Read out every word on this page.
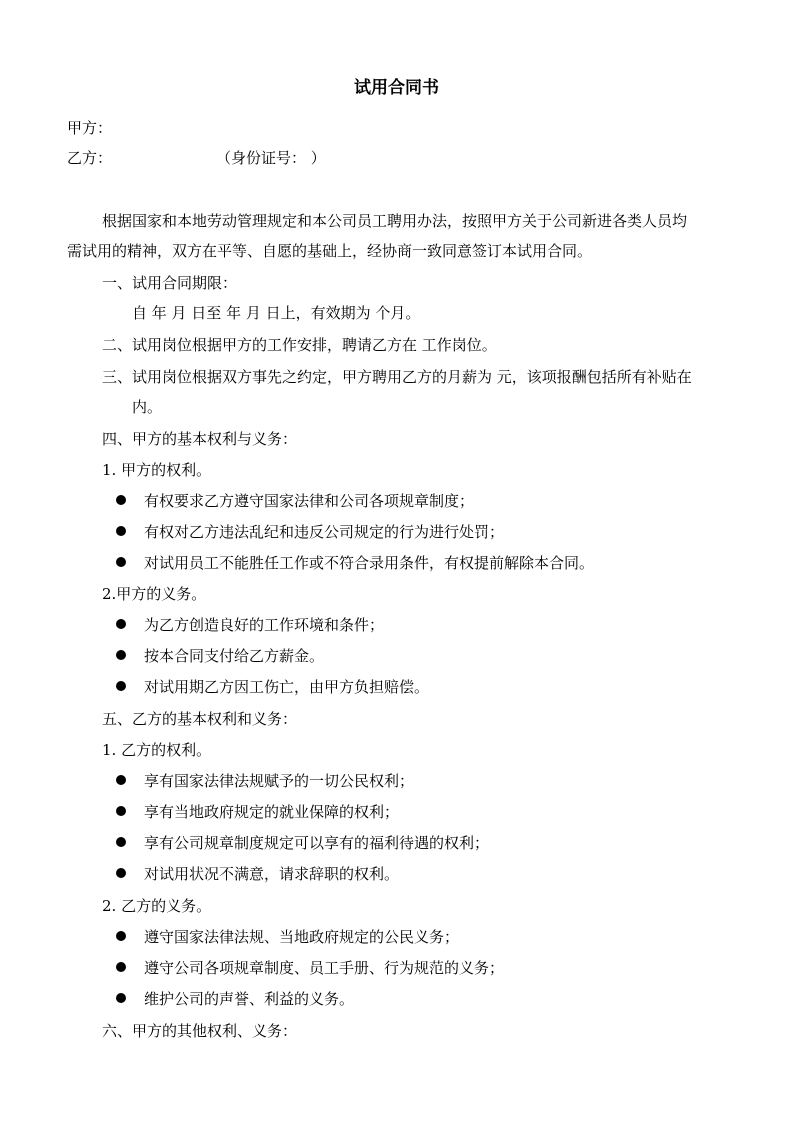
试用合同书
甲方：
乙方：	（身份证号： ）
根据国家和本地劳动管理规定和本公司员工聘用办法，按照甲方关于公司新进各类人员均
需试用的精神，双方在平等、自愿的基础上，经协商一致同意签订本试用合同。
一、试用合同期限：
自 年 月 日至 年 月 日上，有效期为 个月。
二、试用岗位根据甲方的工作安排，聘请乙方在 工作岗位。
三、试用岗位根据双方事先之约定，甲方聘用乙方的月薪为 元，该项报酬包括所有补贴在
内。
四、甲方的基本权利与义务：
1. 甲方的权利。
有权要求乙方遵守国家法律和公司各项规章制度；
有权对乙方违法乱纪和违反公司规定的行为进行处罚；
对试用员工不能胜任工作或不符合录用条件，有权提前解除本合同。
2.甲方的义务。
为乙方创造良好的工作环境和条件；
按本合同支付给乙方薪金。
对试用期乙方因工伤亡，由甲方负担赔偿。
五、乙方的基本权利和义务：
1. 乙方的权利。
享有国家法律法规赋予的一切公民权利；
享有当地政府规定的就业保障的权利；
享有公司规章制度规定可以享有的福利待遇的权利；
对试用状况不满意，请求辞职的权利。
2. 乙方的义务。
遵守国家法律法规、当地政府规定的公民义务；
遵守公司各项规章制度、员工手册、行为规范的义务；
维护公司的声誉、利益的义务。
六、甲方的其他权利、义务：
